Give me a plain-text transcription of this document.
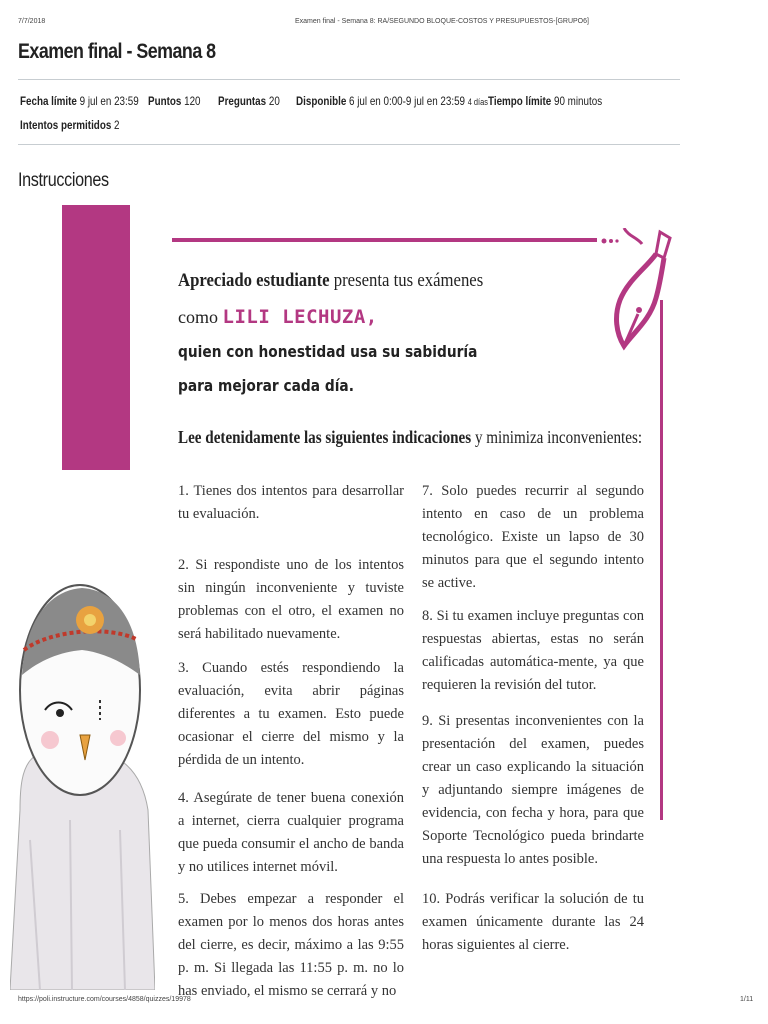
7/7/2018	Examen final - Semana 8: RA/SEGUNDO BLOQUE-COSTOS Y PRESUPUESTOS-[GRUPO6]
Examen final - Semana 8
Fecha límite 9 jul en 23:59 Puntos 120 Preguntas 20 Disponible 6 jul en 0:00-9 jul en 23:59 4 días Tiempo límite 90 minutos
Intentos permitidos 2
Instrucciones
Apreciado estudiante presenta tus exámenes
como LILI LECHUZA,
quien con honestidad usa su sabiduría
para mejorar cada día.
Lee detenidamente las siguientes indicaciones y minimiza inconvenientes:

1. Tienes dos intentos para desarrollar tu evaluación.

2. Si respondiste uno de los intentos sin ningún inconveniente y tuviste problemas con el otro, el examen no será habilitado nuevamente.

3. Cuando estés respondiendo la evaluación, evita abrir páginas diferentes a tu examen. Esto puede ocasionar el cierre del mismo y la pérdida de un intento.

4. Asegúrate de tener buena conexión a internet, cierra cualquier programa que pueda consumir el ancho de banda y no utilices internet móvil.

5. Debes empezar a responder el examen por lo menos dos horas antes del cierre, es decir, máximo a las 9:55 p. m. Si llegada las 11:55 p. m. no lo has enviado, el mismo se cerrará y no

7. Solo puedes recurrir al segundo intento en caso de un problema tecnológico. Existe un lapso de 30 minutos para que el segundo intento se active.

8. Si tu examen incluye preguntas con respuestas abiertas, estas no serán calificadas automática-mente, ya que requieren la revisión del tutor.

9. Si presentas inconvenientes con la presentación del examen, puedes crear un caso explicando la situación y adjuntando siempre imágenes de evidencia, con fecha y hora, para que Soporte Tecnológico pueda brindarte una respuesta lo antes posible.

10. Podrás verificar la solución de tu examen únicamente durante las 24 horas siguientes al cierre.

https://poli.instructure.com/courses/4858/quizzes/19978	1/11
